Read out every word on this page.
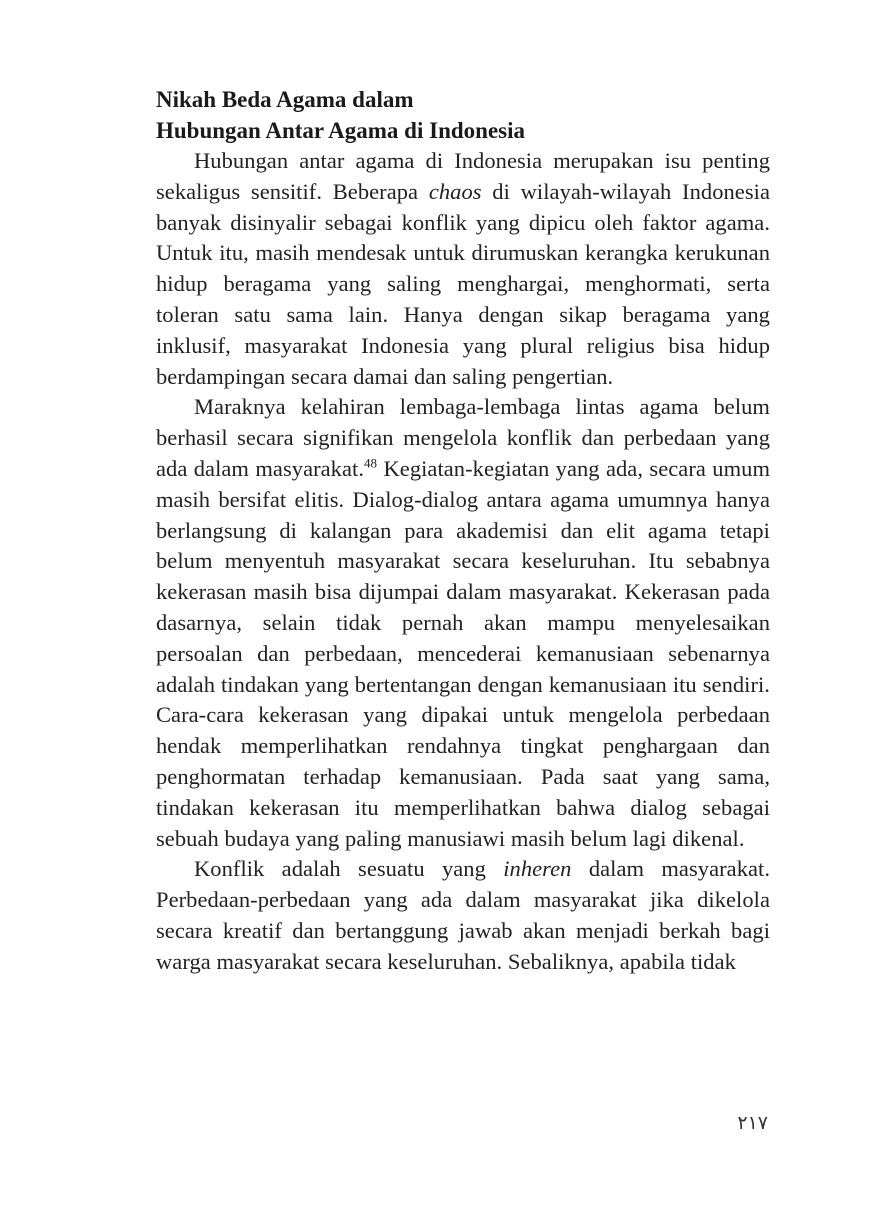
Nikah Beda Agama dalam
Hubungan Antar Agama di Indonesia

Hubungan antar agama di Indonesia merupakan isu penting sekaligus sensitif. Beberapa chaos di wilayah-wilayah Indonesia banyak disinyalir sebagai konflik yang dipicu oleh faktor agama. Untuk itu, masih mendesak untuk dirumuskan kerangka kerukunan hidup beragama yang saling menghargai, menghormati, serta toleran satu sama lain. Hanya dengan sikap beragama yang inklusif, masyarakat Indonesia yang plural religius bisa hidup berdampingan secara damai dan saling pengertian.

Maraknya kelahiran lembaga-lembaga lintas agama belum berhasil secara signifikan mengelola konflik dan perbedaan yang ada dalam masyarakat.$^{48}$ Kegiatan-kegiatan yang ada, secara umum masih bersifat elitis. Dialog-dialog antara agama umumnya hanya berlangsung di kalangan para akademisi dan elit agama tetapi belum menyentuh masyarakat secara keseluruhan. Itu sebabnya kekerasan masih bisa dijumpai dalam masyarakat. Kekerasan pada dasarnya, selain tidak pernah akan mampu menyelesaikan persoalan dan perbedaan, mencederai kemanusiaan sebenarnya adalah tindakan yang bertentangan dengan kemanusiaan itu sendiri. Cara-cara kekerasan yang dipakai untuk mengelola perbedaan hendak memperlihatkan rendahnya tingkat penghargaan dan penghormatan terhadap kemanusiaan. Pada saat yang sama, tindakan kekerasan itu memperlihatkan bahwa dialog sebagai sebuah budaya yang paling manusiawi masih belum lagi dikenal.

Konflik adalah sesuatu yang inheren dalam masyarakat. Perbedaan-perbedaan yang ada dalam masyarakat jika dikelola secara kreatif dan bertanggung jawab akan menjadi berkah bagi warga masyarakat secara keseluruhan. Sebaliknya, apabila tidak

٢١٧
